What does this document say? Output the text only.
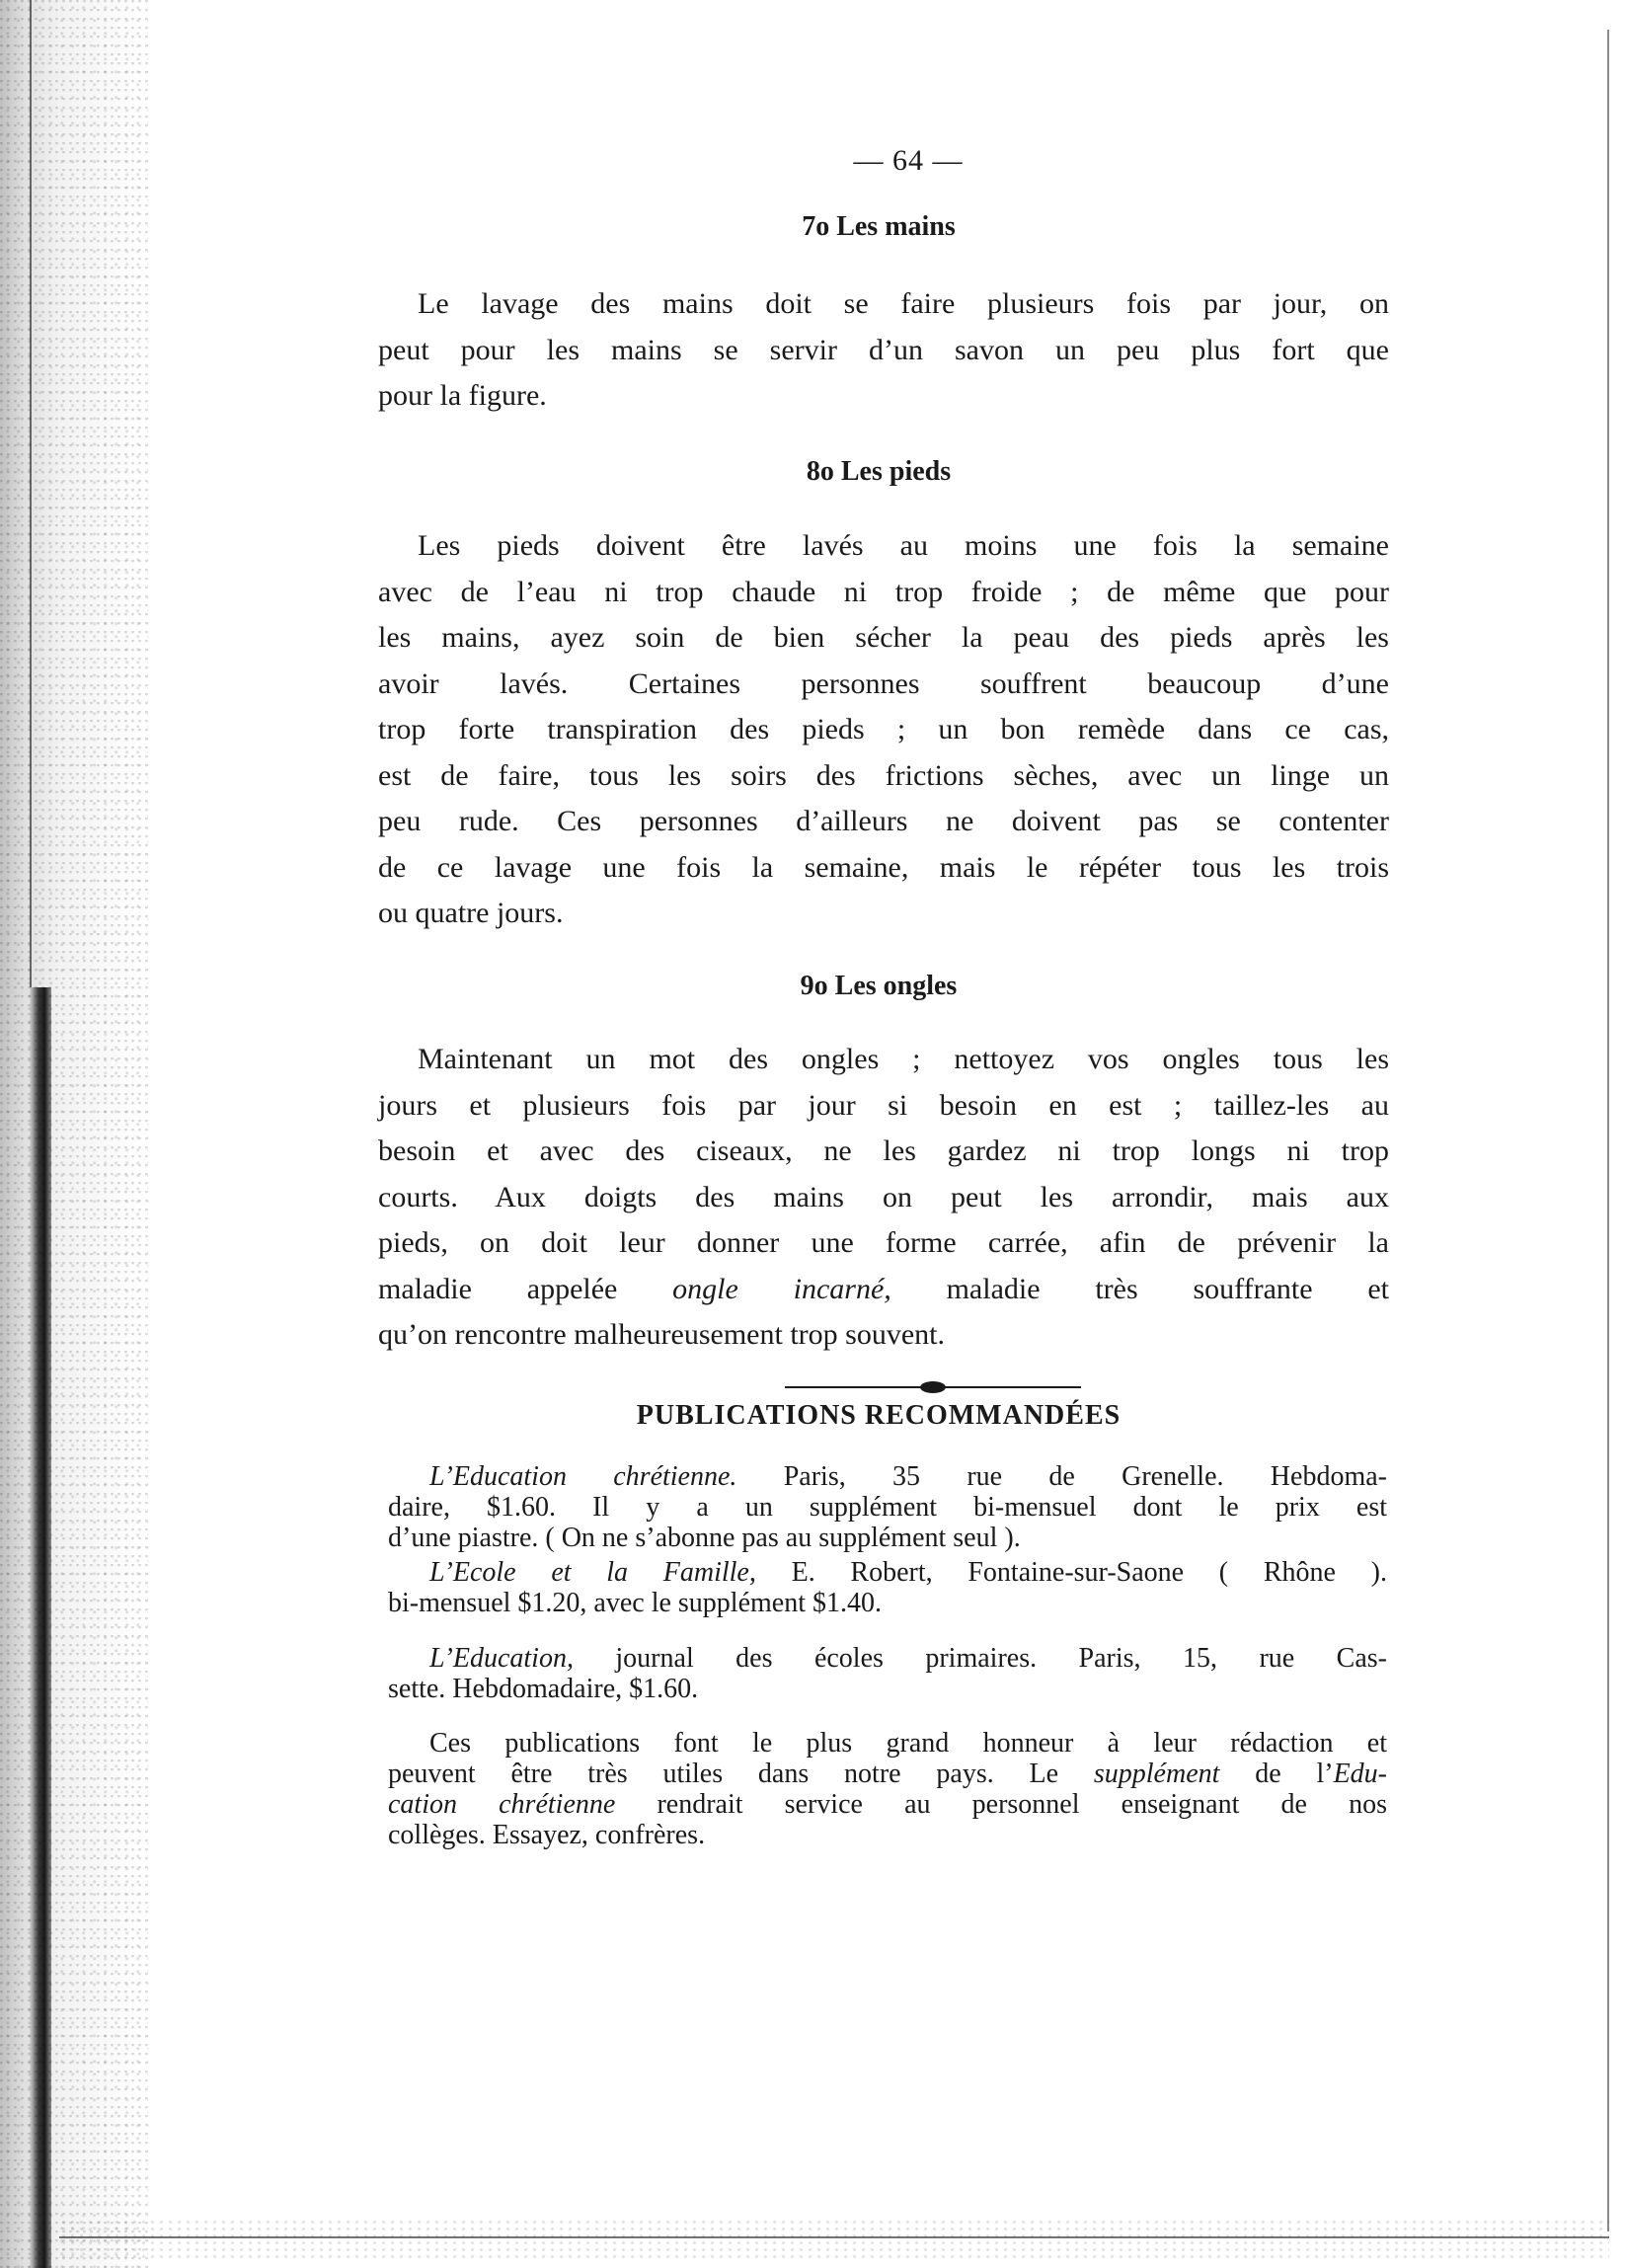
— 64 —
7o Les mains
Le lavage des mains doit se faire plusieurs fois par jour, on
peut pour les mains se servir d’un savon un peu plus fort que
pour la figure.
8o Les pieds
Les pieds doivent être lavés au moins une fois la semaine
avec de l’eau ni trop chaude ni trop froide ; de même que pour
les mains, ayez soin de bien sécher la peau des pieds après les
avoir lavés. Certaines personnes souffrent beaucoup d’une
trop forte transpiration des pieds ; un bon remède dans ce cas,
est de faire, tous les soirs des frictions sèches, avec un linge un
peu rude. Ces personnes d’ailleurs ne doivent pas se contenter
de ce lavage une fois la semaine, mais le répéter tous les trois
ou quatre jours.
9o Les ongles
Maintenant un mot des ongles ; nettoyez vos ongles tous les
jours et plusieurs fois par jour si besoin en est ; taillez-les au
besoin et avec des ciseaux, ne les gardez ni trop longs ni trop
courts. Aux doigts des mains on peut les arrondir, mais aux
pieds, on doit leur donner une forme carrée, afin de prévenir la
maladie appelée ongle incarné, maladie très souffrante et
qu’on rencontre malheureusement trop souvent.
PUBLICATIONS RECOMMANDÉES
L’Education chrétienne. Paris, 35 rue de Grenelle. Hebdoma-
daire, $1.60. Il y a un supplément bi-mensuel dont le prix est
d’une piastre. ( On ne s’abonne pas au supplément seul ).
L’Ecole et la Famille, E. Robert, Fontaine-sur-Saone ( Rhône ).
bi-mensuel $1.20, avec le supplément $1.40.
L’Education, journal des écoles primaires. Paris, 15, rue Cas-
sette. Hebdomadaire, $1.60.
Ces publications font le plus grand honneur à leur rédaction et
peuvent être très utiles dans notre pays. Le supplément de l’Edu-
cation chrétienne rendrait service au personnel enseignant de nos
collèges. Essayez, confrères.
